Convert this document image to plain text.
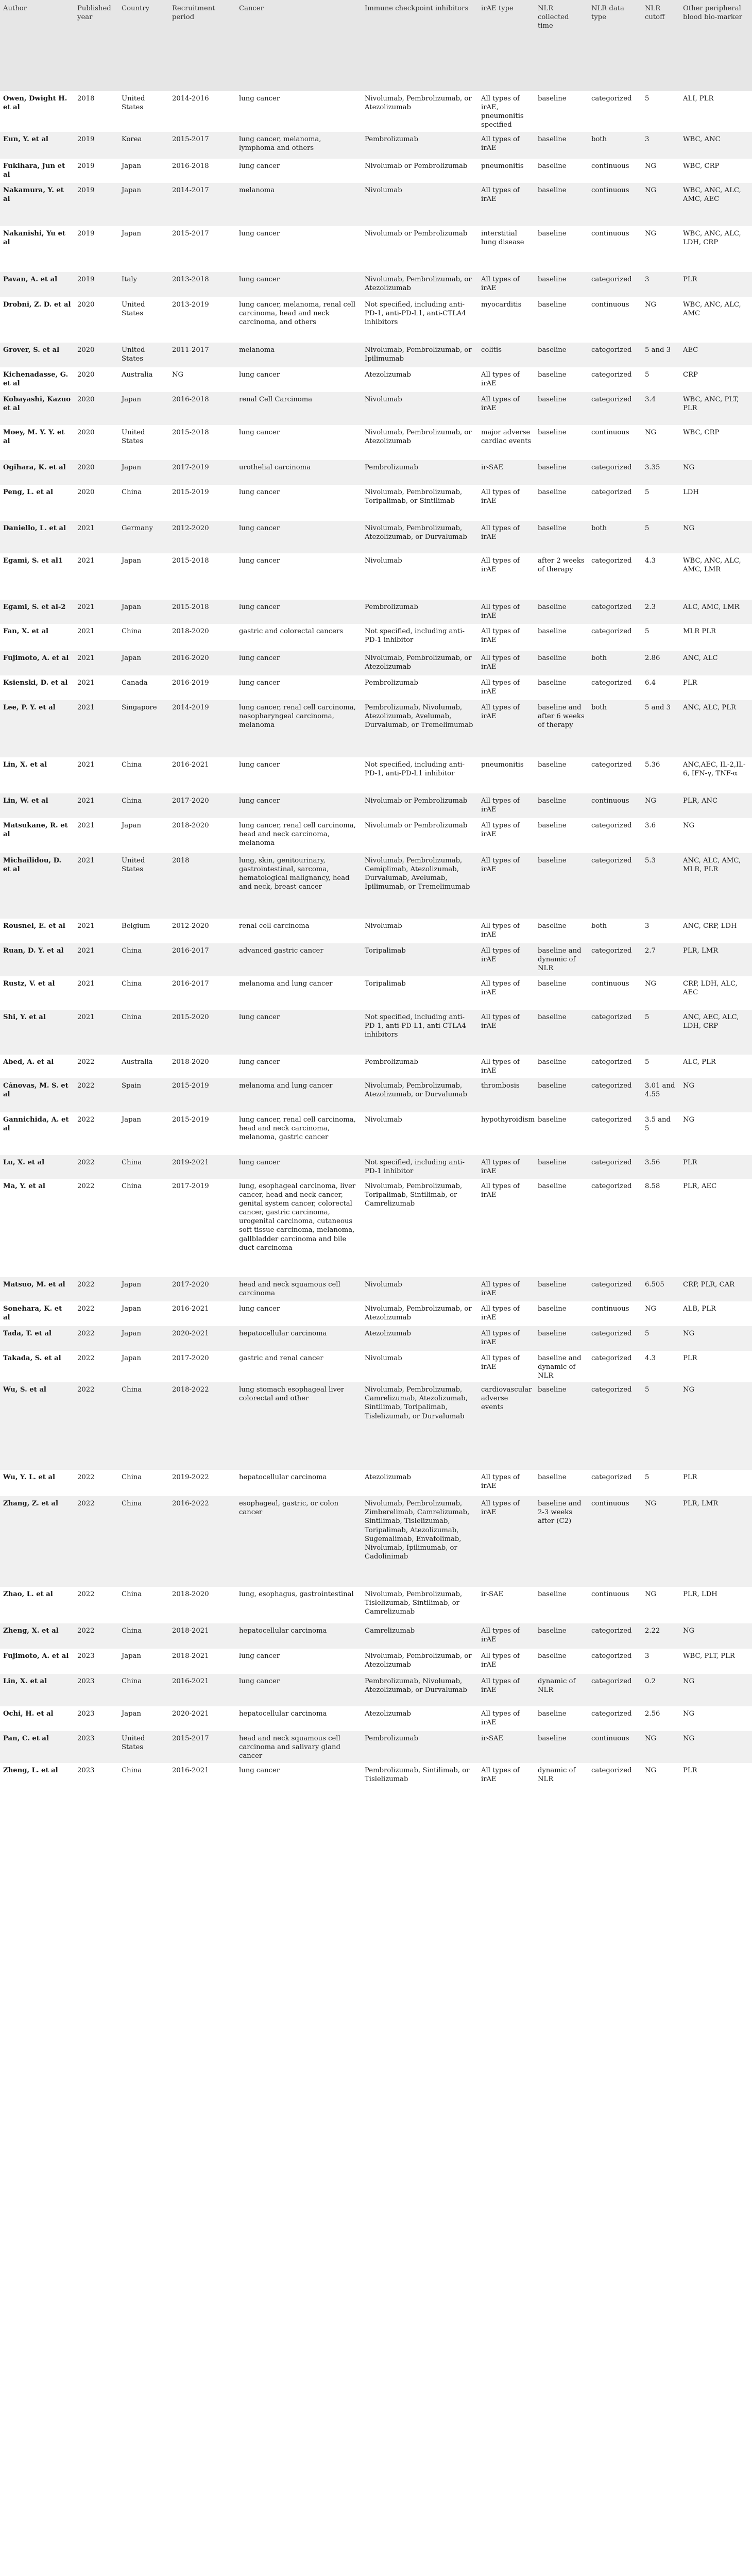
Author	Published year	Country	Recruitment period	Cancer	Immune checkpoint inhibitors	irAE type	NLR collected time	NLR data type	NLR cutoff	Other peripheral blood bio-marker
Owen, Dwight H. et al	2018	United States	2014-2016	lung cancer	Nivolumab, Pembrolizumab, or Atezolizumab	All types of irAE, pneumonitis specified	baseline	categorized	5	ALI, PLR
Eun, Y. et al	2019	Korea	2015-2017	lung cancer, melanoma, lymphoma and others	Pembrolizumab	All types of irAE	baseline	both	3	WBC, ANC
Fukihara, Jun et al	2019	Japan	2016-2018	lung cancer	Nivolumab or Pembrolizumab	pneumonitis	baseline	continuous	NG	WBC, CRP
Nakamura, Y. et al	2019	Japan	2014-2017	melanoma	Nivolumab	All types of irAE	baseline	continuous	NG	WBC, ANC, ALC, AMC, AEC
Nakanishi, Yu et al	2019	Japan	2015-2017	lung cancer	Nivolumab or Pembrolizumab	interstitial lung disease	baseline	continuous	NG	WBC, ANC, ALC, LDH, CRP
Pavan, A. et al	2019	Italy	2013-2018	lung cancer	Nivolumab, Pembrolizumab, or Atezolizumab	All types of irAE	baseline	categorized	3	PLR
Drobni, Z. D. et al	2020	United States	2013-2019	lung cancer, melanoma, renal cell carcinoma, head and neck carcinoma, and others	Not specified, including anti-PD-1, anti-PD-L1, anti-CTLA4 inhibitors	myocarditis	baseline	continuous	NG	WBC, ANC, ALC, AMC
Grover, S. et al	2020	United States	2011-2017	melanoma	Nivolumab, Pembrolizumab, or Ipilimumab	colitis	baseline	categorized	5 and 3	AEC
Kichenadasse, G. et al	2020	Australia	NG	lung cancer	Atezolizumab	All types of irAE	baseline	categorized	5	CRP
Kobayashi, Kazuo et al	2020	Japan	2016-2018	renal Cell Carcinoma	Nivolumab	All types of irAE	baseline	categorized	3.4	WBC, ANC, PLT, PLR
Moey, M. Y. Y. et al	2020	United States	2015-2018	lung cancer	Nivolumab, Pembrolizumab, or Atezolizumab	major adverse cardiac events	baseline	continuous	NG	WBC, CRP
Ogihara, K. et al	2020	Japan	2017-2019	urothelial carcinoma	Pembrolizumab	ir-SAE	baseline	categorized	3.35	NG
Peng, L. et al	2020	China	2015-2019	lung cancer	Nivolumab, Pembrolizumab, Toripalimab, or Sintilimab	All types of irAE	baseline	categorized	5	LDH
Daniello, L. et al	2021	Germany	2012-2020	lung cancer	Nivolumab, Pembrolizumab, Atezolizumab, or Durvalumab	All types of irAE	baseline	both	5	NG
Egami, S. et al1	2021	Japan	2015-2018	lung cancer	Nivolumab	All types of irAE	after 2 weeks of therapy	categorized	4.3	WBC, ANC, ALC, AMC, LMR
Egami, S. et al-2	2021	Japan	2015-2018	lung cancer	Pembrolizumab	All types of irAE	baseline	categorized	2.3	ALC, AMC, LMR
Fan, X. et al	2021	China	2018-2020	gastric and colorectal cancers	Not specified, including anti-PD-1 inhibitor	All types of irAE	baseline	categorized	5	MLR PLR
Fujimoto, A. et al	2021	Japan	2016-2020	lung cancer	Nivolumab, Pembrolizumab, or Atezolizumab	All types of irAE	baseline	both	2.86	ANC, ALC
Ksienski, D. et al	2021	Canada	2016-2019	lung cancer	Pembrolizumab	All types of irAE	baseline	categorized	6.4	PLR
Lee, P. Y. et al	2021	Singapore	2014-2019	lung cancer, renal cell carcinoma, nasopharyngeal carcinoma, melanoma	Pembrolizumab, Nivolumab, Atezolizumab, Avelumab, Durvalumab, or Tremelimumab	All types of irAE	baseline and after 6 weeks of therapy	both	5 and 3	ANC, ALC, PLR
Lin, X. et al	2021	China	2016-2021	lung cancer	Not specified, including anti-PD-1, anti-PD-L1 inhibitor	pneumonitis	baseline	categorized	5.36	ANC,AEC, IL-2,IL-6, IFN-γ, TNF-α
Lin, W. et al	2021	China	2017-2020	lung cancer	Nivolumab or Pembrolizumab	All types of irAE	baseline	continuous	NG	PLR, ANC
Matsukane, R. et al	2021	Japan	2018-2020	lung cancer, renal cell carcinoma, head and neck carcinoma, melanoma	Nivolumab or Pembrolizumab	All types of irAE	baseline	categorized	3.6	NG
Michailidou, D. et al	2021	United States	2018	lung, skin, genitourinary, gastrointestinal, sarcoma, hematological malignancy, head and neck, breast cancer	Nivolumab, Pembrolizumab, Cemiplimab, Atezolizumab, Durvalumab, Avelumab, Ipilimumab, or Tremelimumab	All types of irAE	baseline	categorized	5.3	ANC, ALC, AMC, MLR, PLR
Rousnel, E. et al	2021	Belgium	2012-2020	renal cell carcinoma	Nivolumab	All types of irAE	baseline	both	3	ANC, CRP, LDH
Ruan, D. Y. et al	2021	China	2016-2017	advanced gastric cancer	Toripalimab	All types of irAE	baseline and dynamic of NLR	categorized	2.7	PLR, LMR
Rustz, V. et al	2021	China	2016-2017	melanoma and lung cancer	Toripalimab	All types of irAE	baseline	continuous	NG	CRP, LDH, ALC, AEC
Shi, Y. et al	2021	China	2015-2020	lung cancer	Not specified, including anti-PD-1, anti-PD-L1, anti-CTLA4 inhibitors	All types of irAE	baseline	categorized	5	ANC, AEC, ALC, LDH, CRP
Abed, A. et al	2022	Australia	2018-2020	lung cancer	Pembrolizumab	All types of irAE	baseline	categorized	5	ALC, PLR
Cánovas, M. S. et al	2022	Spain	2015-2019	melanoma and lung cancer	Nivolumab, Pembrolizumab, Atezolizumab, or Durvalumab	thrombosis	baseline	categorized	3.01 and 4.55	NG
Gannichida, A. et al	2022	Japan	2015-2019	lung cancer, renal cell carcinoma, head and neck carcinoma, melanoma, gastric cancer	Nivolumab	hypothyroidism	baseline	categorized	3.5 and 5	NG
Lu, X. et al	2022	China	2019-2021	lung cancer	Not specified, including anti-PD-1 inhibitor	All types of irAE	baseline	categorized	3.56	PLR
Ma, Y. et al	2022	China	2017-2019	lung, esophageal carcinoma, liver cancer, head and neck cancer, genital system cancer, colorectal cancer, gastric carcinoma, urogenital carcinoma, cutaneous soft tissue carcinoma, melanoma, gallbladder carcinoma and bile duct carcinoma	Nivolumab, Pembrolizumab, Toripalimab, Sintilimab, or Camrelizumab	All types of irAE	baseline	categorized	8.58	PLR, AEC
Matsuo, M. et al	2022	Japan	2017-2020	head and neck squamous cell carcinoma	Nivolumab	All types of irAE	baseline	categorized	6.505	CRP, PLR, CAR
Sonehara, K. et al	2022	Japan	2016-2021	lung cancer	Nivolumab, Pembrolizumab, or Atezolizumab	All types of irAE	baseline	continuous	NG	ALB, PLR
Tada, T. et al	2022	Japan	2020-2021	hepatocellular carcinoma	Atezolizumab	All types of irAE	baseline	categorized	5	NG
Takada, S. et al	2022	Japan	2017-2020	gastric and renal cancer	Nivolumab	All types of irAE	baseline and dynamic of NLR	categorized	4.3	PLR
Wu, S. et al	2022	China	2018-2022	lung stomach esophageal liver colorectal and other	Nivolumab, Pembrolizumab, Camrelizumab, Atezolizumab, Sintilimab, Toripalimab, Tislelizumab, or Durvalumab	cardiovascular adverse events	baseline	categorized	5	NG
Wu, Y. L. et al	2022	China	2019-2022	hepatocellular carcinoma	Atezolizumab	All types of irAE	baseline	categorized	5	PLR
Zhang, Z. et al	2022	China	2016-2022	esophageal, gastric, or colon cancer	Nivolumab, Pembrolizumab, Zimberelimab, Camrelizumab, Sintilimab, Tislelizumab, Toripalimab, Atezolizumab, Sugemalimab, Envafolimab, Nivolumab, Ipilimumab, or Cadolinimab	All types of irAE	baseline and 2-3 weeks after (C2)	continuous	NG	PLR, LMR
Zhao, L. et al	2022	China	2018-2020	lung, esophagus, gastrointestinal	Nivolumab, Pembrolizumab, Tislelizumab, Sintilimab, or Camrelizumab	ir-SAE	baseline	continuous	NG	PLR, LDH
Zheng, X. et al	2022	China	2018-2021	hepatocellular carcinoma	Camrelizumab	All types of irAE	baseline	categorized	2.22	NG
Fujimoto, A. et al	2023	Japan	2018-2021	lung cancer	Nivolumab, Pembrolizumab, or Atezolizumab	All types of irAE	baseline	categorized	3	WBC, PLT, PLR
Lin, X. et al	2023	China	2016-2021	lung cancer	Pembrolizumab, Nivolumab, Atezolizumab, or Durvalumab	All types of irAE	dynamic of NLR	categorized	0.2	NG
Ochi, H. et al	2023	Japan	2020-2021	hepatocellular carcinoma	Atezolizumab	All types of irAE	baseline	categorized	2.56	NG
Pan, C. et al	2023	United States	2015-2017	head and neck squamous cell carcinoma and salivary gland cancer	Pembrolizumab	ir-SAE	baseline	continuous	NG	NG
Zheng, L. et al	2023	China	2016-2021	lung cancer	Pembrolizumab, Sintilimab, or Tislelizumab	All types of irAE	dynamic of NLR	categorized	NG	PLR
